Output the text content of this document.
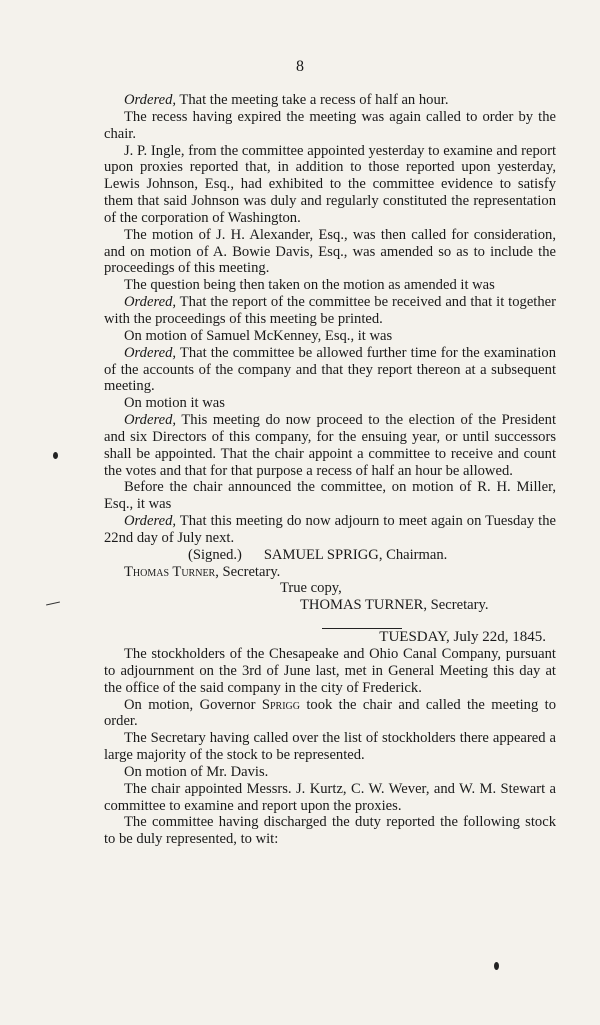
8

Ordered, That the meeting take a recess of half an hour.

The recess having expired the meeting was again called to order by the chair.

J. P. Ingle, from the committee appointed yesterday to examine and report upon proxies reported that, in addition to those reported upon yesterday, Lewis Johnson, Esq., had exhibited to the committee evidence to satisfy them that said Johnson was duly and regularly constituted the representation of the corporation of Washington.

The motion of J. H. Alexander, Esq., was then called for consideration, and on motion of A. Bowie Davis, Esq., was amended so as to include the proceedings of this meeting.

The question being then taken on the motion as amended it was

Ordered, That the report of the committee be received and that it together with the proceedings of this meeting be printed.

On motion of Samuel McKenney, Esq., it was

Ordered, That the committee be allowed further time for the examination of the accounts of the company and that they report thereon at a subsequent meeting.

On motion it was

Ordered, This meeting do now proceed to the election of the President and six Directors of this company, for the ensuing year, or until successors shall be appointed. That the chair appoint a committee to receive and count the votes and that for that purpose a recess of half an hour be allowed.

Before the chair announced the committee, on motion of R. H. Miller, Esq., it was

Ordered, That this meeting do now adjourn to meet again on Tuesday the 22nd day of July next.

(Signed.) SAMUEL SPRIGG, Chairman.

Thomas Turner, Secretary.

True copy,

THOMAS TURNER, Secretary.

TUESDAY, July 22d, 1845.

The stockholders of the Chesapeake and Ohio Canal Company, pursuant to adjournment on the 3rd of June last, met in General Meeting this day at the office of the said company in the city of Frederick.

On motion, Governor Sprigg took the chair and called the meeting to order.

The Secretary having called over the list of stockholders there appeared a large majority of the stock to be represented.

On motion of Mr. Davis.

The chair appointed Messrs. J. Kurtz, C. W. Wever, and W. M. Stewart a committee to examine and report upon the proxies.

The committee having discharged the duty reported the following stock to be duly represented, to wit:
